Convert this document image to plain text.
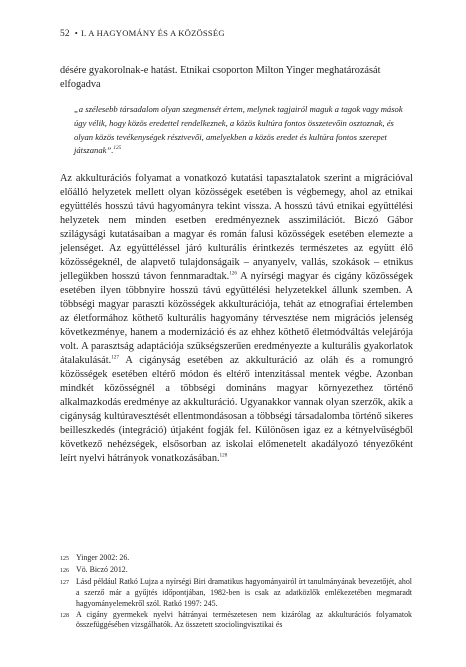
52 • I. A HAGYOMÁNY ÉS A KÖZÖSSÉG
désére gyakorolnak-e hatást. Etnikai csoporton Milton Yinger meghatározását elfogadva
„a szélesebb társadalom olyan szegmensét értem, melynek tagjairól maguk a tagok vagy mások úgy vélik, hogy közös eredettel rendelkeznek, a közös kultúra fontos összetevőin osztoznak, és olyan közös tevékenységek résztvevői, amelyekben a közös eredet és kultúra fontos szerepet játszanak”.$^{125}$

Az akkulturációs folyamat a vonatkozó kutatási tapasztalatok szerint a migrációval előálló helyzetek mellett olyan közösségek esetében is végbemegy, ahol az etnikai együttélés hosszú távú hagyományra tekint vissza. A hosszú távú etnikai együttélési helyzetek nem minden esetben eredményeznek asszimilációt. Biczó Gábor szilágysági kutatásaiban a magyar és román falusi közösségek esetében elemezte a jelenséget. Az együttéléssel járó kulturális érintkezés természetes az együtt élő közösségeknél, de alapvető tulajdonságaik – anyanyelv, vallás, szokások – etnikus jellegükben hosszú távon fennmaradtak.$^{126}$ A nyírségi magyar és cigány közösségek esetében ilyen többnyire hosszú távú együttélési helyzetekkel állunk szemben. A többségi magyar paraszti közösségek akkulturációja, tehát az etnografiai értelemben az életformához köthető kulturális hagyomány térvesztése nem migrációs jelenség következménye, hanem a modernizáció és az ehhez köthető életmódváltás velejárója volt. A parasztság adaptációja szükségszerűen eredményezte a kulturális gyakorlatok átalakulását.$^{127}$ A cigányság esetében az akkulturáció az oláh és a romungró közösségek esetében eltérő módon és eltérő intenzitással mentek végbe. Azonban mindkét közösségnél a többségi domináns magyar környezethez történő alkalmazkodás eredménye az akkulturáció. Ugyanakkor vannak olyan szerzők, akik a cigányság kultúravesztését ellentmondásosan a többségi társadalomba történő sikeres beilleszkedés (integráció) útjaként fogják fel. Különösen igaz ez a kétnyelvűségből következő nehézségek, elsősorban az iskolai előmenetelt akadályozó tényezőként leírt nyelvi hátrányok vonatkozásában.$^{128}$

125 Yinger 2002: 26.
126 Vö. Biczó 2012.
127 Lásd például Ratkó Lujza a nyírségi Biri dramatikus hagyományairól írt tanulmányának bevezetőjét, ahol a szerző már a gyűjtés időpontjában, 1982-ben is csak az adatközlők emlékezetében megmaradt hagyományelemekről szól. Ratkó 1997: 245.
128 A cigány gyermekek nyelvi hátrányai természetesen nem kizárólag az akkulturációs folyamatok összefüggésében vizsgálhatók. Az összetett szociolingvisztikai és
